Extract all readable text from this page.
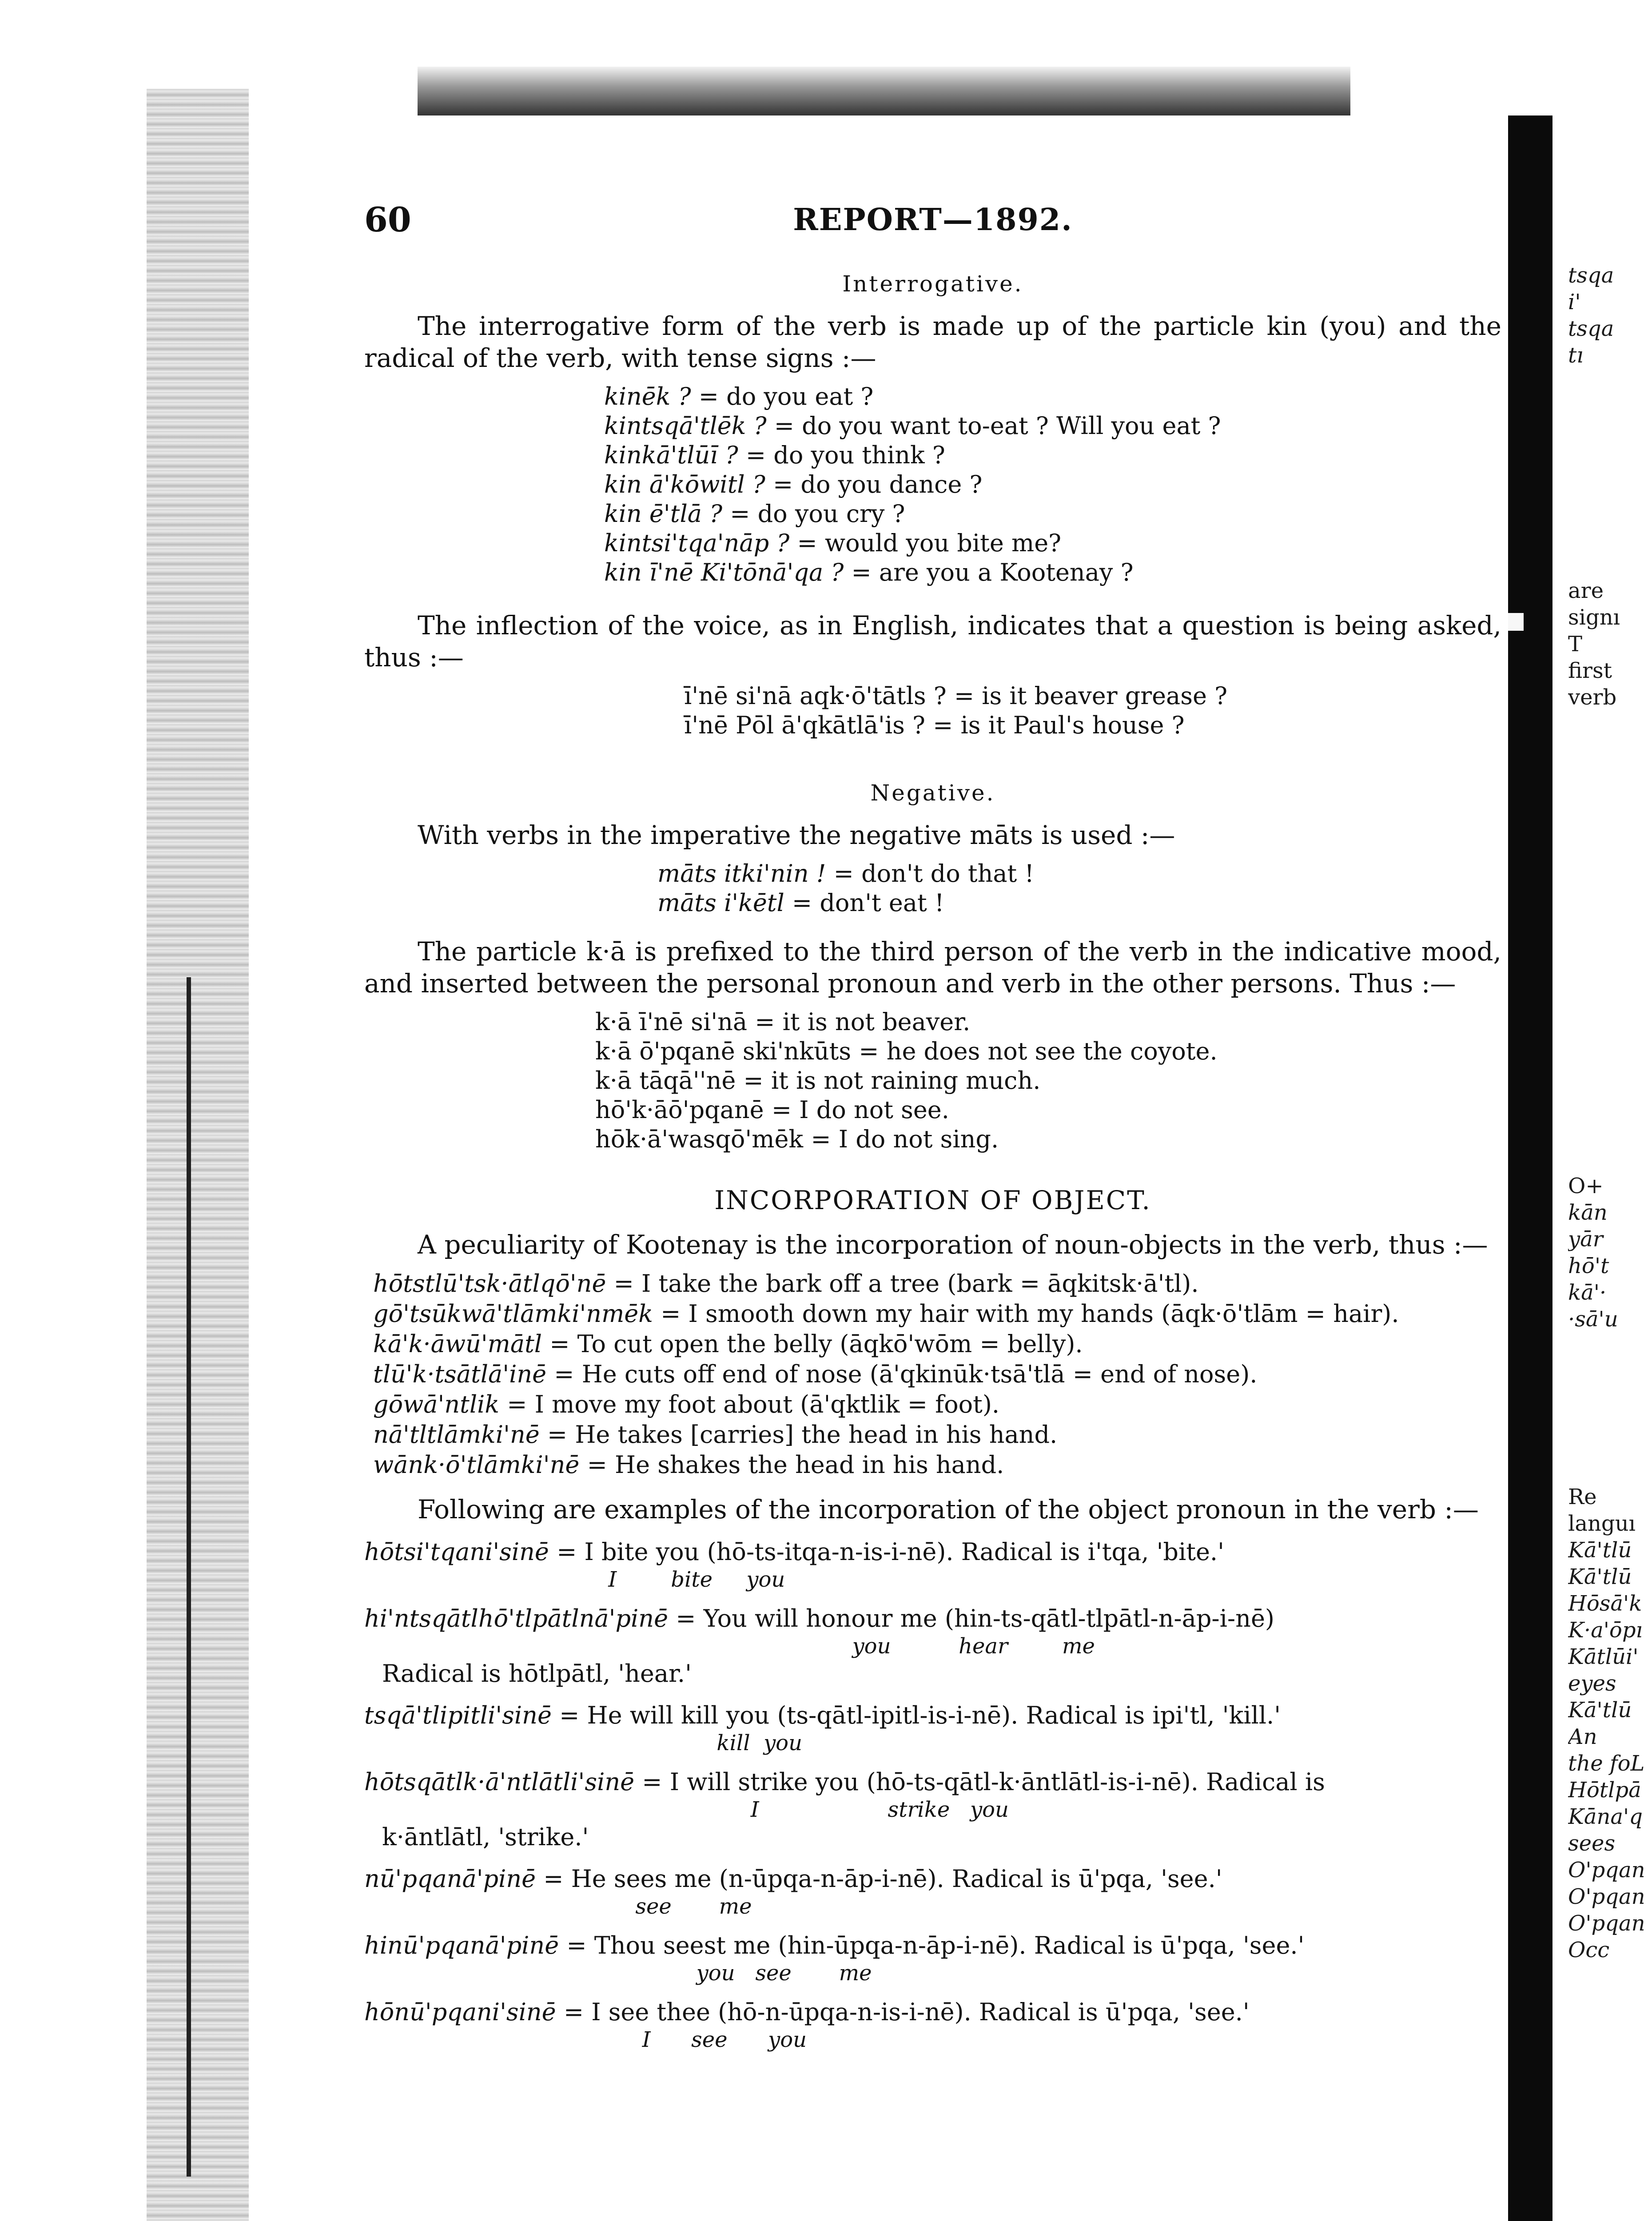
60	REPORT—1892.
Interrogative.
The interrogative form of the verb is made up of the particle kin (you) and the radical of the verb, with tense signs :—
kinēk ? = do you eat ?
kintsqā'tlēk ? = do you want to-eat ? Will you eat ?
kinkā'tlūī ? = do you think ?
kin ā'kōwitl ? = do you dance ?
kin ē'tlā ? = do you cry ?
kintsi'tqa'nāp ? = would you bite me?
kin ī'nē Ki'tōnā'qa ? = are you a Kootenay ?
The inflection of the voice, as in English, indicates that a question is being asked, thus :—
ī'nē si'nā aqk·ō'tātls ? = is it beaver grease ?
ī'nē Pōl ā'qkātlā'is ? = is it Paul's house ?
Negative.
With verbs in the imperative the negative māts is used :—
māts itki'nin ! = don't do that !
māts i'kētl = don't eat !
The particle k·ā is prefixed to the third person of the verb in the indicative mood, and inserted between the personal pronoun and verb in the other persons. Thus :—
k·ā ī'nē si'nā = it is not beaver.
k·ā ō'pqanē ski'nkūts = he does not see the coyote.
k·ā tāqā''nē = it is not raining much.
hō'k·āō'pqanē = I do not see.
hōk·ā'wasqō'mēk = I do not sing.
INCORPORATION OF OBJECT.
A peculiarity of Kootenay is the incorporation of noun-objects in the verb, thus :—
hōtstlū'tsk·ātlqō'nē = I take the bark off a tree (bark = āqkitsk·ā'tl).
gō'tsūkwā'tlāmki'nmēk = I smooth down my hair with my hands (āqk·ō'tlām = hair).
kā'k·āwū'mātl = To cut open the belly (āqkō'wōm = belly).
tlū'k·tsātlā'inē = He cuts off end of nose (ā'qkinūk·tsā'tlā = end of nose).
gōwā'ntlik = I move my foot about (ā'qktlik = foot).
nā'tltlāmki'nē = He takes [carries] the head in his hand.
wānk·ō'tlāmki'nē = He shakes the head in his hand.
Following are examples of the incorporation of the object pronoun in the verb :—
hōtsi'tqani'sinē = I bite you (hō-ts-itqa-n-is-i-nē). Radical is i'tqa, 'bite.'
I        bite     you
hi'ntsqātlhō'tlpātlnā'pinē = You will honour me (hin-ts-qātl-tlpātl-n-āp-i-nē)
you          hear        me
Radical is hōtlpātl, 'hear.'
tsqā'tlipitli'sinē = He will kill you (ts-qātl-ipitl-is-i-nē). Radical is ipi'tl, 'kill.'
kill  you
hōtsqātlk·ā'ntlātli'sinē = I will strike you (hō-ts-qātl-k·āntlātl-is-i-nē). Radical is
I                   strike   you
k·āntlātl, 'strike.'
nū'pqanā'pinē = He sees me (n-ūpqa-n-āp-i-nē). Radical is ū'pqa, 'see.'
see       me
hinū'pqanā'pinē = Thou seest me (hin-ūpqa-n-āp-i-nē). Radical is ū'pqa, 'see.'
you   see       me
hōnū'pqani'sinē = I see thee (hō-n-ūpqa-n-is-i-nē). Radical is ū'pqa, 'see.'
I      see      you
tsqa
i'
tsqa
tı
are
signı
T
first
verb
O+
kān
yār
hō't
kā'·
·sā'u
Re
languı
Kā'tlū
Kā'tlū
Hōsā'k
K·a'ōpı
Kātlūi'
eyes
Kā'tlū
An
the foL
Hōtlpā
Kāna'q
sees
O'pqan
O'pqan
O'pqan
Occ
